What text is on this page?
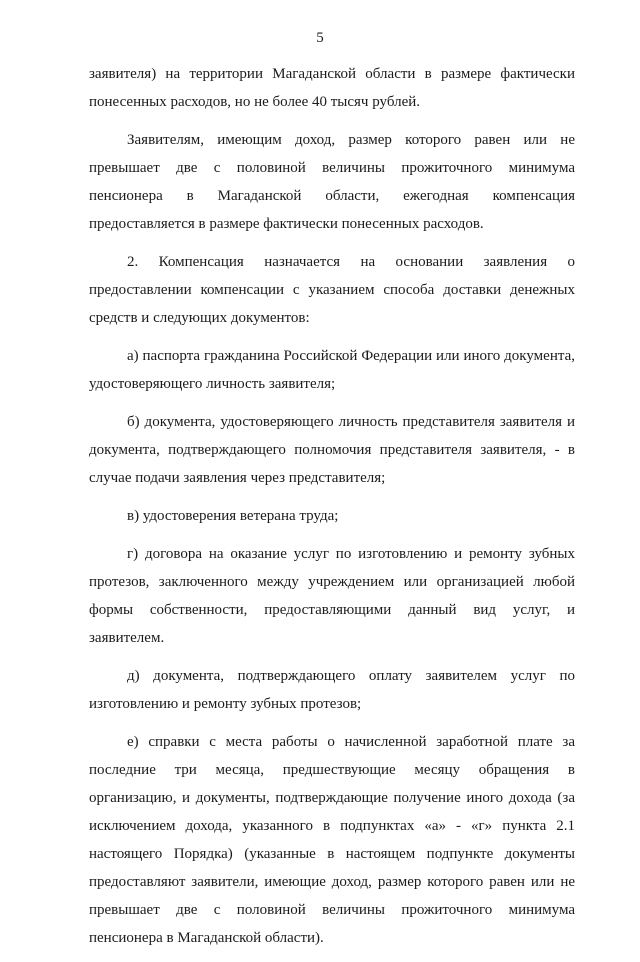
5

заявителя) на территории Магаданской области в размере фактически понесенных расходов, но не более 40 тысяч рублей.

Заявителям, имеющим доход, размер которого равен или не превышает две с половиной величины прожиточного минимума пенсионера в Магаданской области, ежегодная компенсация предоставляется в размере фактически понесенных расходов.

2. Компенсация назначается на основании заявления о предоставлении компенсации с указанием способа доставки денежных средств и следующих документов:

а) паспорта гражданина Российской Федерации или иного документа, удостоверяющего личность заявителя;

б) документа, удостоверяющего личность представителя заявителя и документа, подтверждающего полномочия представителя заявителя, - в случае подачи заявления через представителя;

в) удостоверения ветерана труда;

г) договора на оказание услуг по изготовлению и ремонту зубных протезов, заключенного между учреждением или организацией любой формы собственности, предоставляющими данный вид услуг, и заявителем.

д) документа, подтверждающего оплату заявителем услуг по изготовлению и ремонту зубных протезов;

е) справки с места работы о начисленной заработной плате за последние три месяца, предшествующие месяцу обращения в организацию, и документы, подтверждающие получение иного дохода (за исключением дохода, указанного в подпунктах «а» - «г» пункта 2.1 настоящего Порядка) (указанные в настоящем подпункте документы предоставляют заявители, имеющие доход, размер которого равен или не превышает две с половиной величины прожиточного минимума пенсионера в Магаданской области).
